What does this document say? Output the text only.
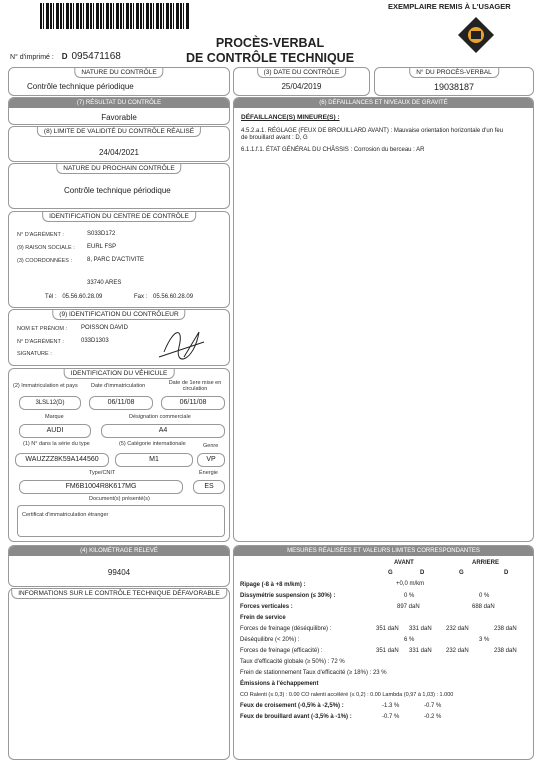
EXEMPLAIRE REMIS À L'USAGER
PROCÈS-VERBAL
DE CONTRÔLE TECHNIQUE
N° d'imprimé : D 095471168
NATURE DU CONTRÔLE
Contrôle technique périodique
(3) DATE DU CONTRÔLE
25/04/2019
N° DU PROCÈS-VERBAL
19038187
(7) RÉSULTAT DU CONTRÔLE
Favorable
(8) LIMITE DE VALIDITÉ DU CONTRÔLE RÉALISÉ
24/04/2021
NATURE DU PROCHAIN CONTRÔLE
Contrôle technique périodique
IDENTIFICATION DU CENTRE DE CONTRÔLE
N° D'AGRÉMENT :	S033D172
(9) RAISON SOCIALE : EURL FSP
(3) COORDONNÉES : 8, PARC D'ACTIVITE
33740 ARES
Tél : 05.56.60.28.09	Fax : 05.56.60.28.09
(9) IDENTIFICATION DU CONTRÔLEUR
NOM ET PRÉNOM : POISSON DAVID
N° D'AGRÉMENT :	033D1303
SIGNATURE :
IDENTIFICATION DU VÉHICULE
(2) Immatriculation et pays Date d'immatriculation	Date de 1ere mise en circulation
3LSL12(D)	06/11/08	06/11/08
Marque	Désignation commerciale
AUDI	A4
(1) N° dans la série du type	(5) Catégorie internationale	Genre
WAUZZZ8K59A144560	M1	VP
Type/CNIT	Énergie
FM6B1004R8K617MG	ES
Document(s) présenté(s)
Certificat d'immatriculation étranger
(4) KILOMÉTRAGE RELEVÉ
99404
INFORMATIONS SUR LE CONTRÔLE TECHNIQUE DÉFAVORABLE
(6) DÉFAILLANCES ET NIVEAUX DE GRAVITÉ
DÉFAILLANCE(S) MINEURE(S) :
4.5.2.a.1. RÉGLAGE (FEUX DE BROUILLARD AVANT) : Mauvaise orientation horizontale d'un feu de brouillard avant : D, G
6.1.1.f.1. ÉTAT GÉNÉRAL DU CHÂSSIS : Corrosion du berceau : AR
MESURES RÉALISÉES ET VALEURS LIMITES CORRESPONDANTES
AVANT	ARRIERE
G	D	G	D
Ripage (-8 à +8 m/km) :	+0,0 m/km
Dissymétrie suspension (≤ 30%) :	0 %	0 %
Forces verticales :	897 daN	688 daN
Frein de service
Forces de freinage (déséquilibre) :	351 daN 331 daN 232 daN	238 daN
Déséquilibre (< 20%) :	6 %	3 %
Forces de freinage (efficacité) :	351 daN 331 daN 232 daN	238 daN
Taux d'efficacité globale (≥ 50%) : 72 %
Frein de stationnement Taux d'efficacité (≥ 18%) : 23 %
Émissions à l'échappement
CO Ralenti (≤ 0,3) : 0.00 CO ralenti accéléré (≤ 0,2) : 0.00 Lambda (0,97 à 1,03) : 1.000
Feux de croisement (-0,5% à -2,5%) :	-1.3 %	-0.7 %
Feux de brouillard avant (-3,5% à -1%) :	-0.7 %	-0.2 %
